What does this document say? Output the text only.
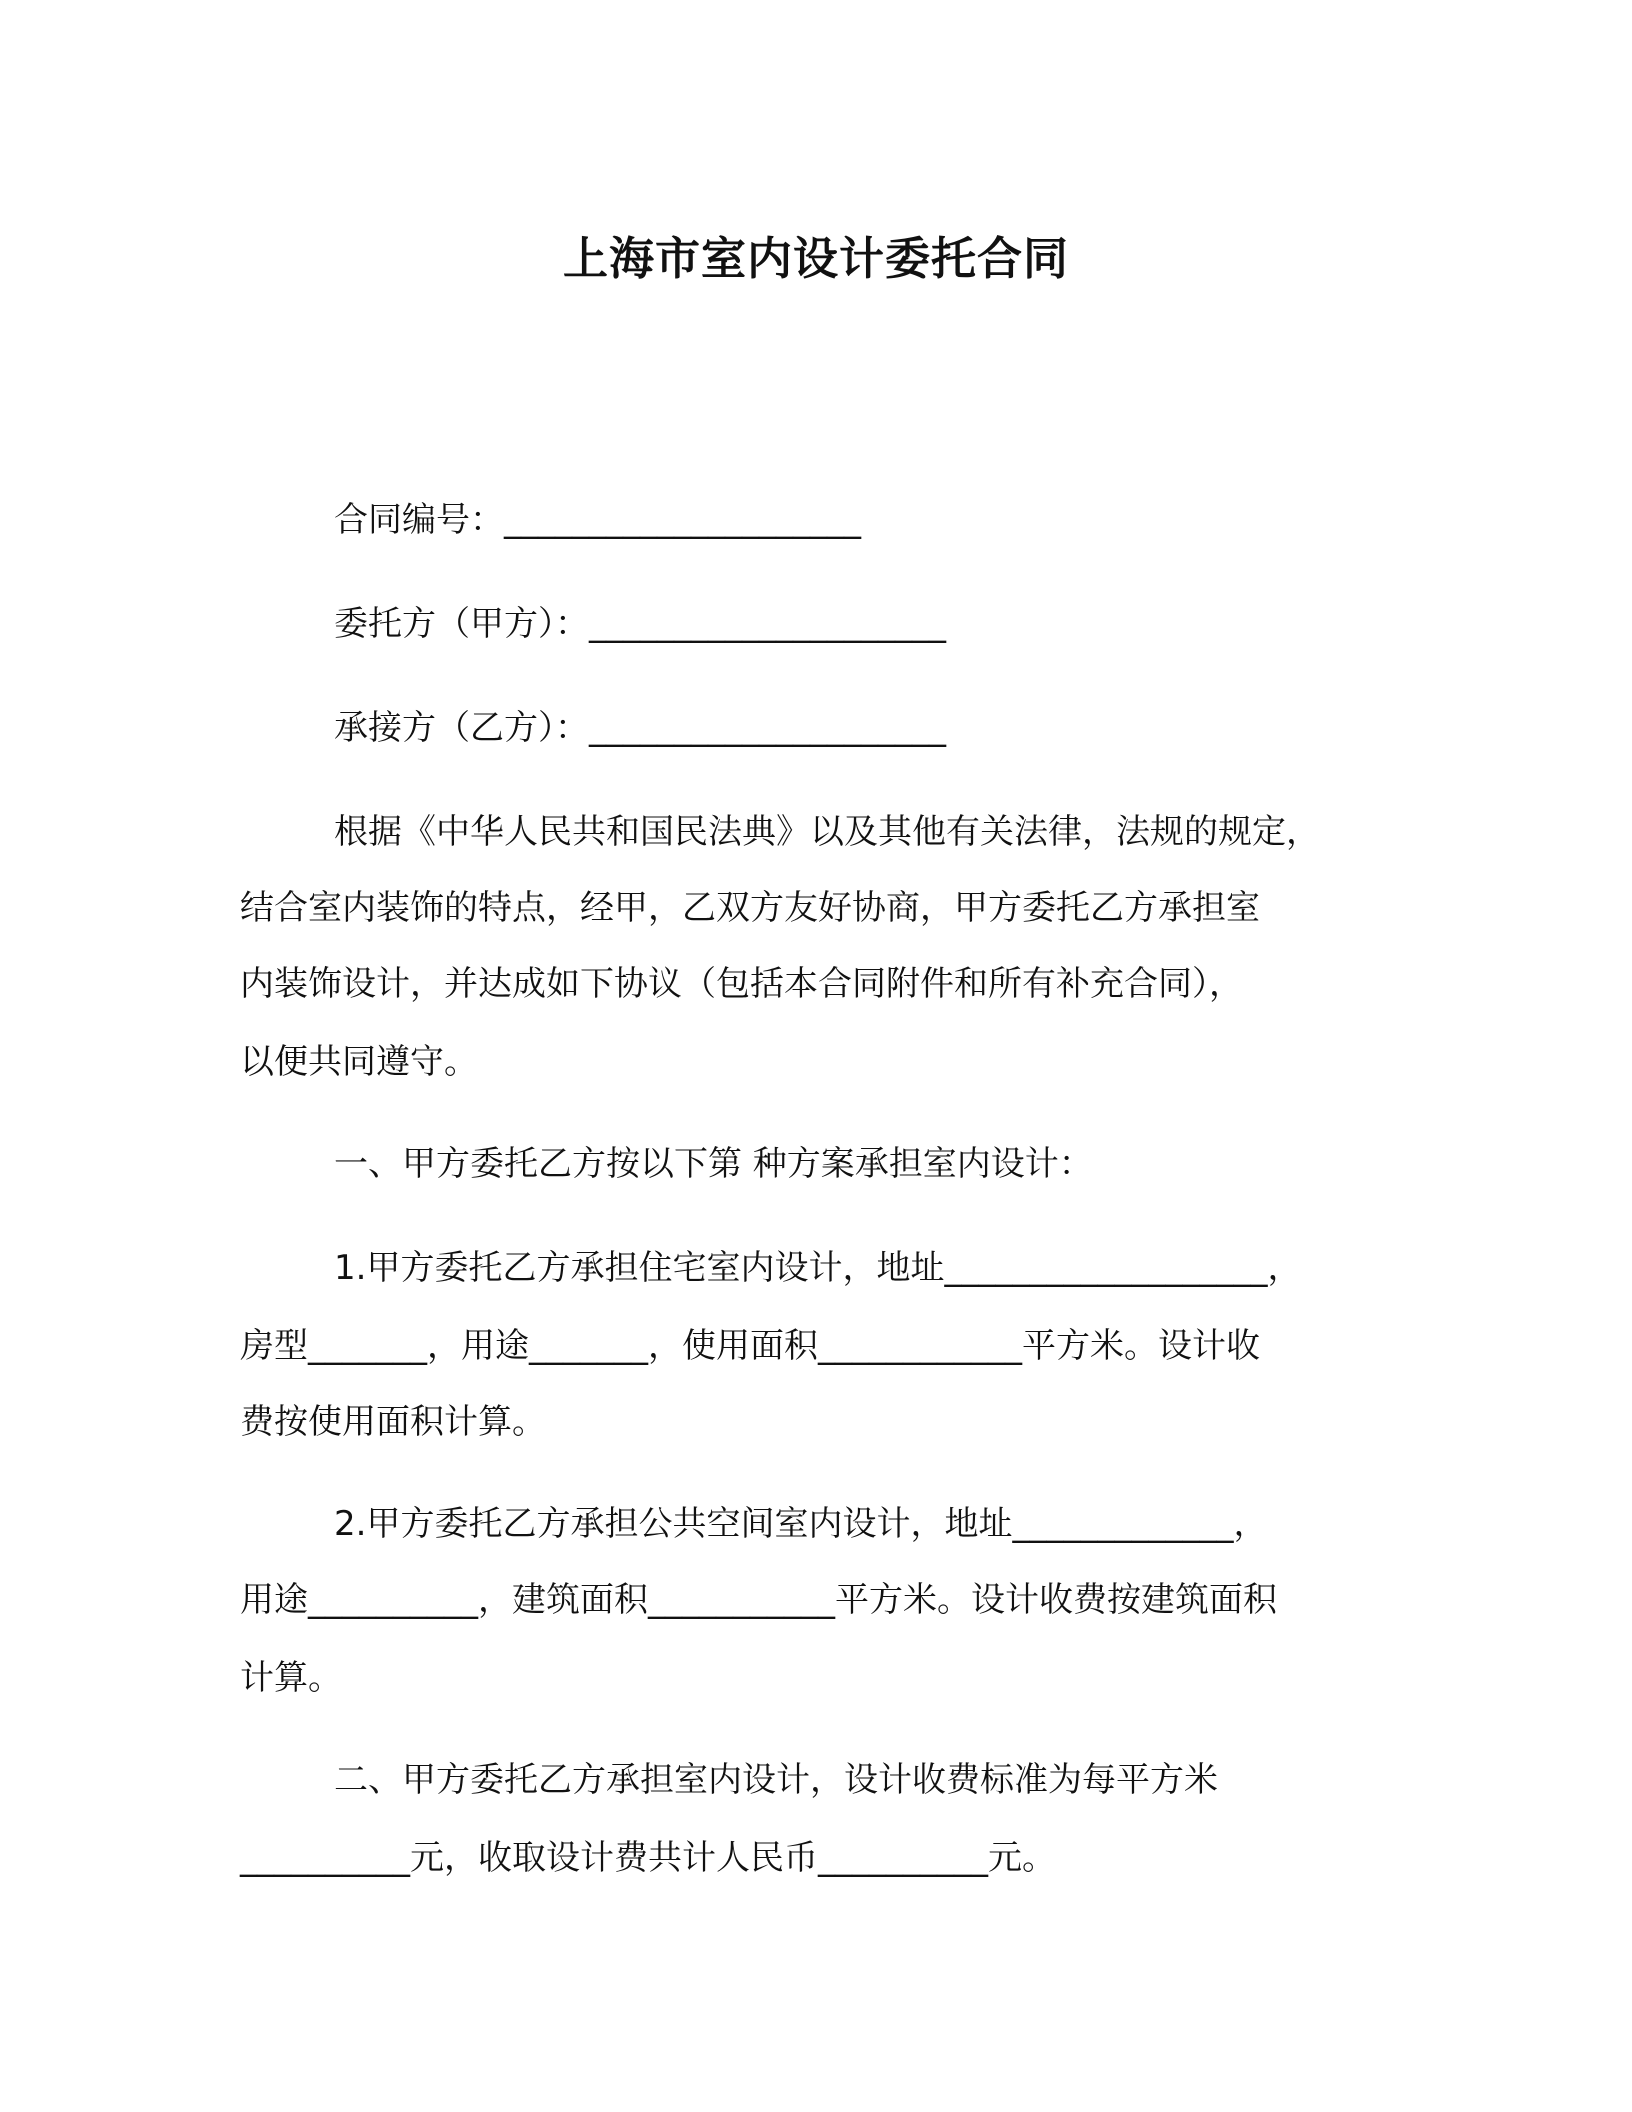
上海市室内设计委托合同

合同编号：_____________________

委托方（甲方）：_____________________

承接方（乙方）：_____________________

根据《中华人民共和国民法典》以及其他有关法律，法规的规定，

结合室内装饰的特点，经甲，乙双方友好协商，甲方委托乙方承担室

内装饰设计，并达成如下协议（包括本合同附件和所有补充合同），

以便共同遵守。

一、甲方委托乙方按以下第 种方案承担室内设计：

1.甲方委托乙方承担住宅室内设计，地址___________________，

房型_______，用途_______，使用面积____________平方米。设计收

费按使用面积计算。

2.甲方委托乙方承担公共空间室内设计，地址_____________，

用途__________，建筑面积___________平方米。设计收费按建筑面积

计算。

二、甲方委托乙方承担室内设计，设计收费标准为每平方米

__________元，收取设计费共计人民币__________元。
